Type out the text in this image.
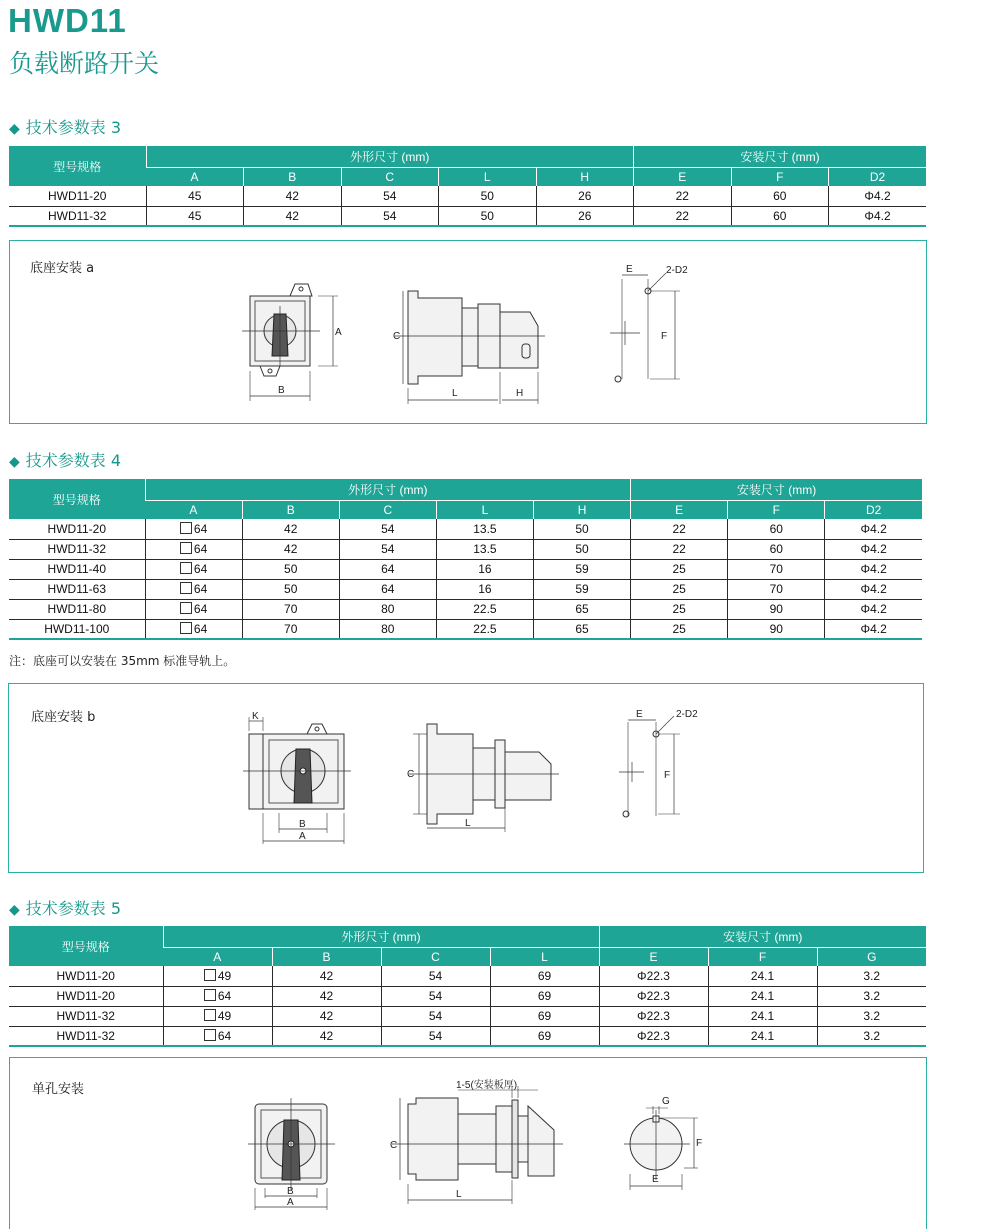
HWD11
负载断路开关
◆ 技术参数表 3
型号规格	外形尺寸 (mm)					安装尺寸 (mm)		
	A	B	C	L	H	E	F	D2
HWD11-20	45	42	54	50	26	22	60	Φ4.2
HWD11-32	45	42	54	50	26	22	60	Φ4.2
底座安装 a
A
B
C
L	H
E	2-D2
F
◆ 技术参数表 4
型号规格	外形尺寸 (mm)					安装尺寸 (mm)		
	A	B	C	L	H	E	F	D2
HWD11-20	64	42	54	13.5	50	22	60	Φ4.2
HWD11-32	64	42	54	13.5	50	22	60	Φ4.2
HWD11-40	64	50	64	16	59	25	70	Φ4.2
HWD11-63	64	50	64	16	59	25	70	Φ4.2
HWD11-80	64	70	80	22.5	65	25	90	Φ4.2
HWD11-100	64	70	80	22.5	65	25	90	Φ4.2
注：底座可以安装在 35mm 标准导轨上。
底座安装 b	K
B
A
C
L
E	2-D2
F
◆ 技术参数表 5
型号规格	外形尺寸 (mm)				安装尺寸 (mm)		
	A	B	C	L	E	F	G
HWD11-20	49	42	54	69	Φ22.3	24.1	3.2
HWD11-20	64	42	54	69	Φ22.3	24.1	3.2
HWD11-32	49	42	54	69	Φ22.3	24.1	3.2
HWD11-32	64	42	54	69	Φ22.3	24.1	3.2
单孔安装
B
A
1-5(安装板厚)
C
L
G
F
E
